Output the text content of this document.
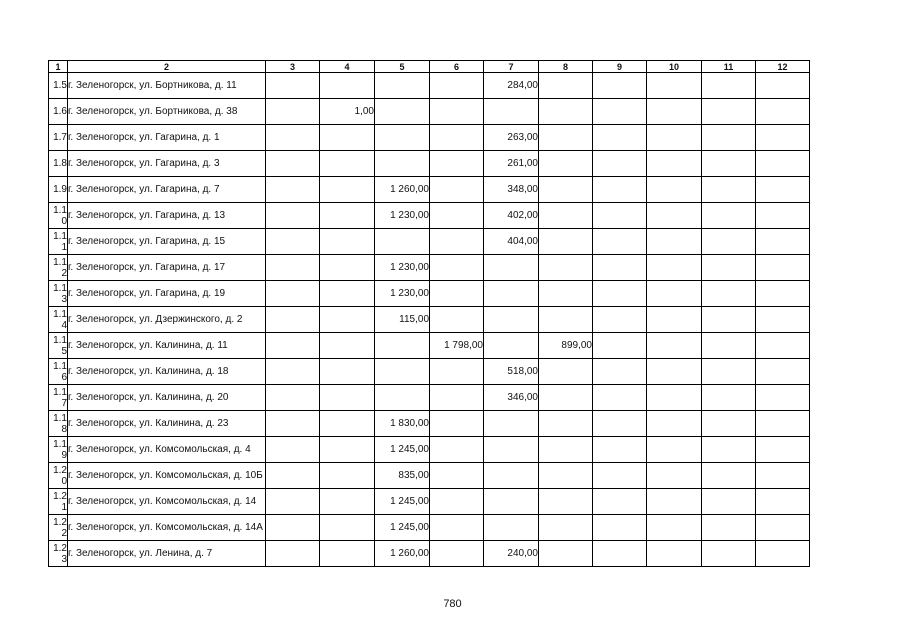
1	2	3	4	5	6	7	8	9	10	11	12
1.5	г. Зеленогорск, ул. Бортникова, д. 11					284,00					
1.6	г. Зеленогорск, ул. Бортникова, д. 38		1,00								
1.7	г. Зеленогорск, ул. Гагарина, д. 1					263,00					
1.8	г. Зеленогорск, ул. Гагарина, д. 3					261,00					
1.9	г. Зеленогорск, ул. Гагарина, д. 7			1 260,00		348,00					
1.10	г. Зеленогорск, ул. Гагарина, д. 13			1 230,00		402,00					
1.11	г. Зеленогорск, ул. Гагарина, д. 15					404,00					
1.12	г. Зеленогорск, ул. Гагарина, д. 17			1 230,00							
1.13	г. Зеленогорск, ул. Гагарина, д. 19			1 230,00							
1.14	г. Зеленогорск, ул. Дзержинского, д. 2			115,00							
1.15	г. Зеленогорск, ул. Калинина, д. 11				1 798,00		899,00				
1.16	г. Зеленогорск, ул. Калинина, д. 18					518,00					
1.17	г. Зеленогорск, ул. Калинина, д. 20					346,00					
1.18	г. Зеленогорск, ул. Калинина, д. 23			1 830,00							
1.19	г. Зеленогорск, ул. Комсомольская, д. 4			1 245,00							
1.20	г. Зеленогорск, ул. Комсомольская, д. 10Б			835,00							
1.21	г. Зеленогорск, ул. Комсомольская, д. 14			1 245,00							
1.22	г. Зеленогорск, ул. Комсомольская, д. 14А			1 245,00							
1.23	г. Зеленогорск, ул. Ленина, д. 7			1 260,00		240,00					
780
